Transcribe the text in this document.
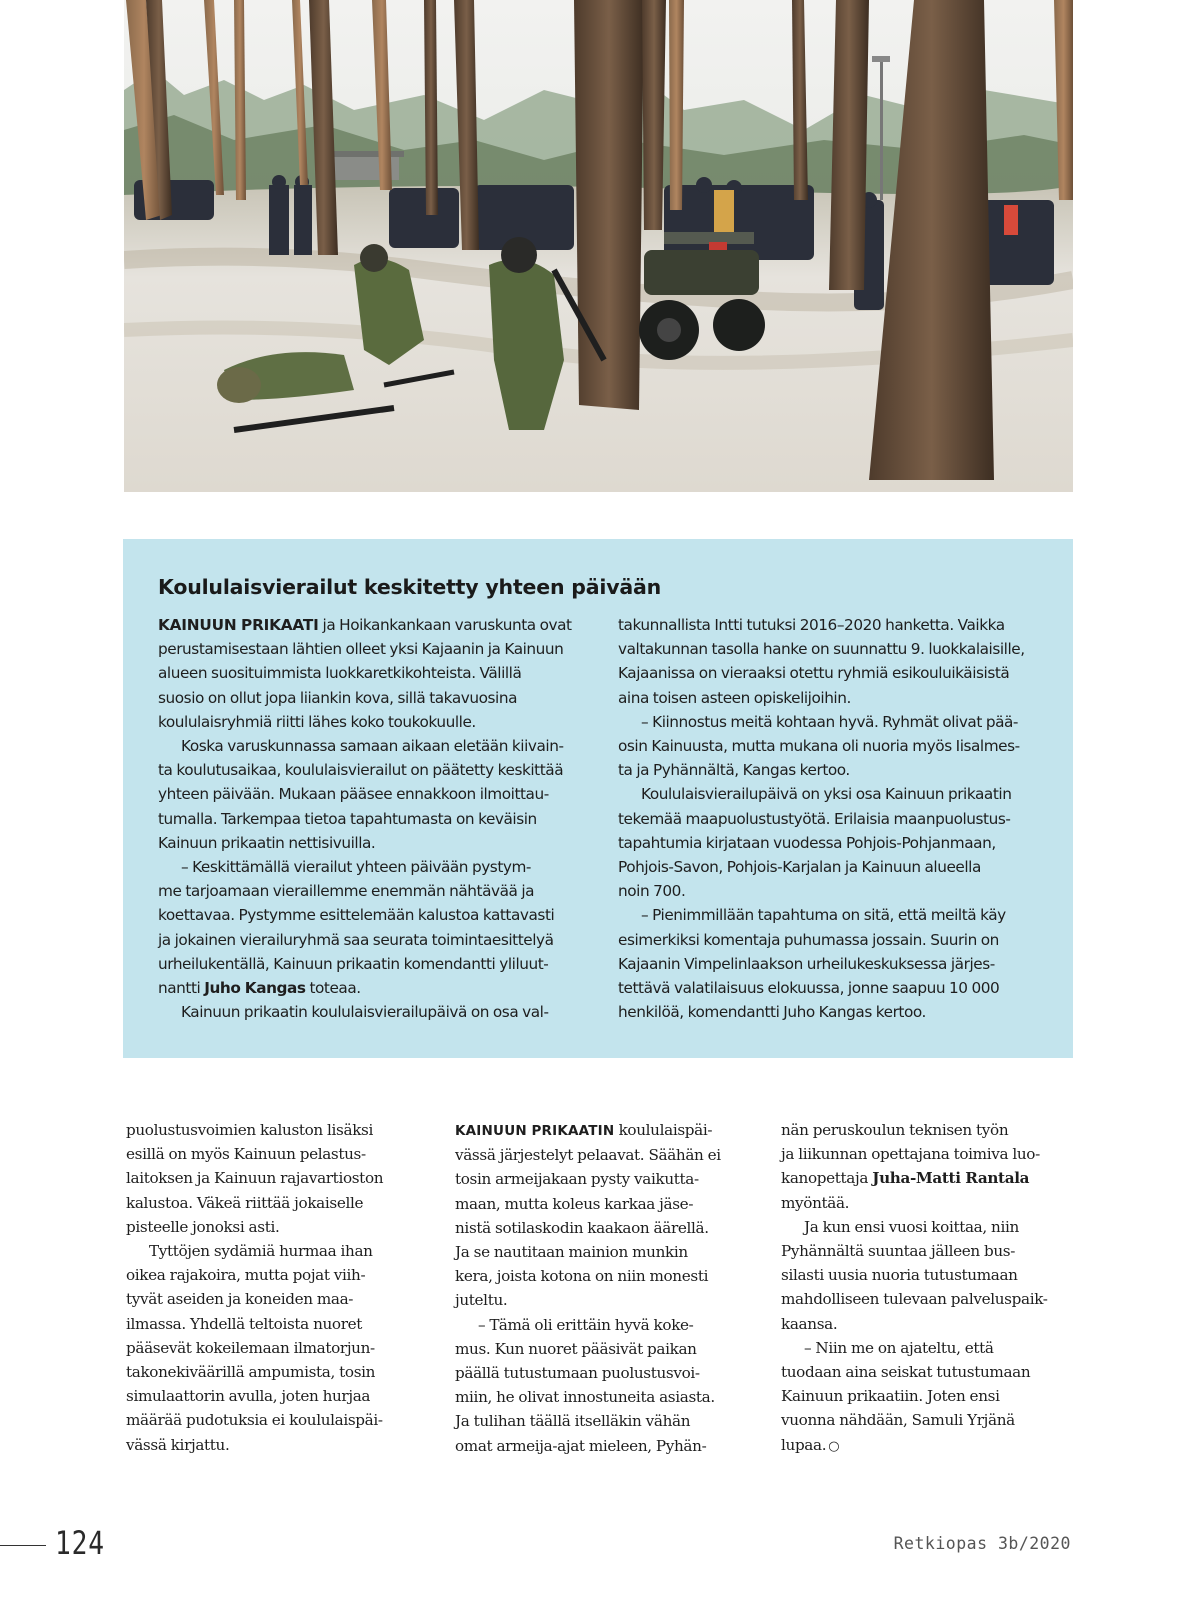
Koululaisvierailut keskitetty yhteen päivään

KAINUUN PRIKAATI ja Hoikankankaan varuskunta ovat

perustamisestaan lähtien olleet yksi Kajaanin ja Kainuun

alueen suosituimmista luokkaretkikohteista. Välillä

suosio on ollut jopa liiankin kova, sillä takavuosina

koululaisryhmiä riitti lähes koko toukokuulle.

Koska varuskunnassa samaan aikaan eletään kiivain-

ta koulutusaikaa, koululaisvierailut on päätetty keskittää

yhteen päivään. Mukaan pääsee ennakkoon ilmoittau-

tumalla. Tarkempaa tietoa tapahtumasta on keväisin

Kainuun prikaatin nettisivuilla.

– Keskittämällä vierailut yhteen päivään pystym-

me tarjoamaan vieraillemme enemmän nähtävää ja

koettavaa. Pystymme esittelemään kalustoa kattavasti

ja jokainen vierailuryhmä saa seurata toimintaesittelyä

urheilukentällä, Kainuun prikaatin komendantti yliluut-

nantti Juho Kangas toteaa.

Kainuun prikaatin koululaisvierailupäivä on osa val-

takunnallista Intti tutuksi 2016–2020 hanketta. Vaikka

valtakunnan tasolla hanke on suunnattu 9. luokkalaisille,

Kajaanissa on vieraaksi otettu ryhmiä esikouluikäisistä

aina toisen asteen opiskelijoihin.

– Kiinnostus meitä kohtaan hyvä. Ryhmät olivat pää-

osin Kainuusta, mutta mukana oli nuoria myös Iisalmes-

ta ja Pyhännältä, Kangas kertoo.

Koululaisvierailupäivä on yksi osa Kainuun prikaatin

tekemää maapuolustustyötä. Erilaisia maanpuolustus-

tapahtumia kirjataan vuodessa Pohjois-Pohjanmaan,

Pohjois-Savon, Pohjois-Karjalan ja Kainuun alueella

noin 700.

– Pienimmillään tapahtuma on sitä, että meiltä käy

esimerkiksi komentaja puhumassa jossain. Suurin on

Kajaanin Vimpelinlaakson urheilukeskuksessa järjes-

tettävä valatilaisuus elokuussa, jonne saapuu 10 000

henkilöä, komendantti Juho Kangas kertoo.

puolustusvoimien kaluston lisäksi

esillä on myös Kainuun pelastus-

laitoksen ja Kainuun rajavartioston

kalustoa. Väkeä riittää jokaiselle

pisteelle jonoksi asti.

Tyttöjen sydämiä hurmaa ihan

oikea rajakoira, mutta pojat viih-

tyvät aseiden ja koneiden maa-

ilmassa. Yhdellä teltoista nuoret

pääsevät kokeilemaan ilmatorjun-

takonekiväärillä ampumista, tosin

simulaattorin avulla, joten hurjaa

määrää pudotuksia ei koululaispäi-

vässä kirjattu.

KAINUUN PRIKAATIN koululaispäi-

vässä järjestelyt pelaavat. Säähän ei

tosin armeijakaan pysty vaikutta-

maan, mutta koleus karkaa jäse-

nistä sotilaskodin kaakaon äärellä.

Ja se nautitaan mainion munkin

kera, joista kotona on niin monesti

juteltu.

– Tämä oli erittäin hyvä koke-

mus. Kun nuoret pääsivät paikan

päällä tutustumaan puolustusvoi-

miin, he olivat innostuneita asiasta.

Ja tulihan täällä itselläkin vähän

omat armeija-ajat mieleen, Pyhän-

nän peruskoulun teknisen työn

ja liikunnan opettajana toimiva luo-

kanopettaja Juha-Matti Rantala

myöntää.

Ja kun ensi vuosi koittaa, niin

Pyhännältä suuntaa jälleen bus-

silasti uusia nuoria tutustumaan

mahdolliseen tulevaan palveluspaik-

kaansa.

– Niin me on ajateltu, että

tuodaan aina seiskat tutustumaan

Kainuun prikaatiin. Joten ensi

vuonna nähdään, Samuli Yrjänä

lupaa. ○

124	Retkiopas 3b/2020
